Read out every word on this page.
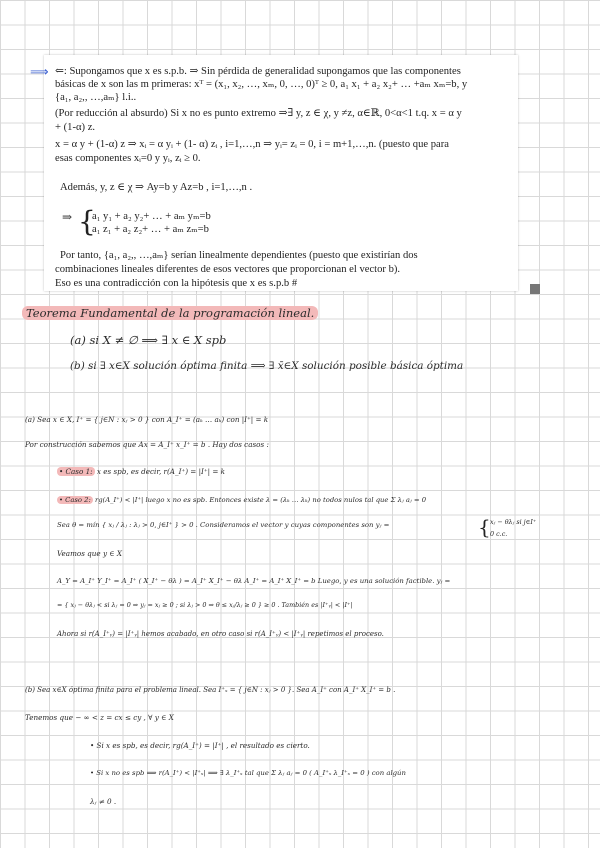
⟹ ⇐: Supongamos que x es s.p.b. ⇒ Sin pérdida de generalidad supongamos que las componentes
básicas de x son las m primeras: xᵀ = (x₁, x₂, …, xₘ, 0, …, 0)ᵀ ≥ 0, a₁ x₁ + a₂ x₂+ … +aₘ xₘ=b, y
{a₁, a₂,, …,aₘ} l.i..
(Por reducción al absurdo) Si x no es punto extremo ⇒∃ y, z ∈ χ, y ≠z, α∈ℝ, 0<α<1 t.q. x = α y
+ (1-α) z.
x = α y + (1-α) z ⇒ xᵢ = α yᵢ + (1- α) zᵢ , i=1,…,n ⇒ yᵢ= zᵢ = 0, i = m+1,…,n. (puesto que para
esas componentes xᵢ=0 y yᵢ, zᵢ ≥ 0.
Además, y, z ∈ χ ⇒ Ay=b y Az=b , i=1,…,n .
⇒ {
a₁ y₁ + a₂ y₂+ … + aₘ yₘ=b
a₁ z₁ + a₂ z₂+ … + aₘ zₘ=b
Por tanto, {a₁, a₂,, …,aₘ} serían linealmente dependientes (puesto que existirían dos
combinaciones lineales diferentes de esos vectores que proporcionan el vector b).
Eso es una contradicción con la hipótesis que x es s.p.b #
Teorema Fundamental de la programación lineal.
(a) si X ≠ ∅ ⟹ ∃ x ∈ X spb
(b) si ∃ x∈X solución óptima finita ⟹ ∃ x̄∈X solución posible básica óptima
(a) Sea x ∈ X, I⁺ = { j∈N : xⱼ > 0 } con A_I⁺ = (aₖ … aₖ) con |I⁺| = k
Por construcción sabemos que Ax = A_I⁺ x_I⁺ = b . Hay dos casos :
• Caso 1: x es spb, es decir, r(A_I⁺) = |I⁺| = k
• Caso 2: rg(A_I⁺) < |I⁺| luego x no es spb. Entonces existe λ = (λₖ … λₖ) no todos nulos tal que Σ λⱼ aⱼ = 0
Sea θ = mín { xⱼ / λⱼ : λⱼ > 0, j∈I⁺ } > 0 . Consideramos el vector y cuyas componentes son yⱼ =	{ xⱼ − θλⱼ si j∈I⁺
0 c.c.
Veamos que y ∈ X
A_Y = A_I⁺ Y_I⁺ = A_I⁺ ( X_I⁺ − θλ ) = A_I⁺ X_I⁺ − θλ A_I⁺ = A_I⁺ X_I⁺ = b Luego, y es una solución factible. yⱼ =
= { xⱼ − θλⱼ < si λⱼ = 0 ⇒ yⱼ = xⱼ ≥ 0 ; si λⱼ > 0 ⇒ θ ≤ xⱼ/λⱼ ≥ 0 } ≥ 0 . También es |I⁺ᵧ| < |I⁺|
Ahora si r(A_I⁺ᵧ) = |I⁺ᵧ| hemos acabado, en otro caso si r(A_I⁺ᵧ) < |I⁺ᵧ| repetimos el proceso.
(b) Sea x∈X óptima finita para el problema lineal. Sea I⁺ₓ = { j∈N : xⱼ > 0 }. Sea A_I⁺ con A_I⁺ X_I⁺ = b .
Tenemos que − ∞ < z = cx ≤ cy , ∀ y ∈ X
• Si x es spb, es decir, rg(A_I⁺) = |I⁺| , el resultado es cierto.
• Si x no es spb ⟹ r(A_I⁺) < |I⁺ₓ| ⟹ ∃ λ_I⁺ₓ tal que Σ λⱼ aⱼ = 0 ( A_I⁺ₓ λ_I⁺ₓ = 0 ) con algún
λⱼ ≠ 0 .
